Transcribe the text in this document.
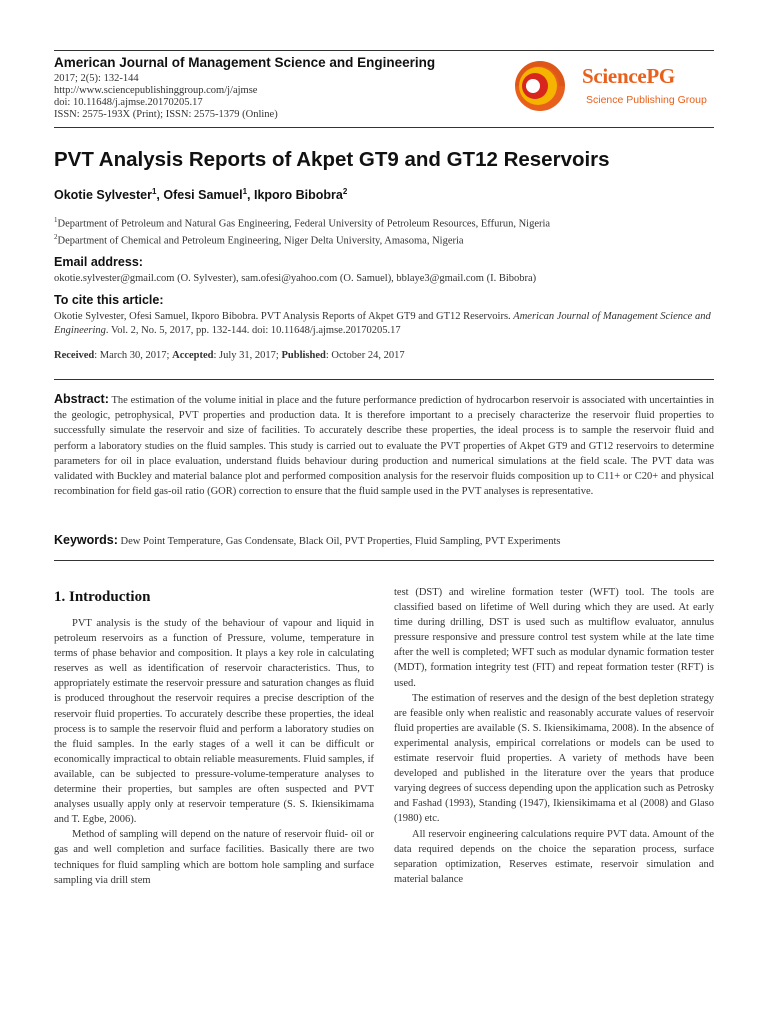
American Journal of Management Science and Engineering
2017; 2(5): 132-144
http://www.sciencepublishinggroup.com/j/ajmse
doi: 10.11648/j.ajmse.20170205.17
ISSN: 2575-193X (Print); ISSN: 2575-1379 (Online)
SciencePG
Science Publishing Group
PVT Analysis Reports of Akpet GT9 and GT12 Reservoirs
Okotie Sylvester$^1$, Ofesi Samuel$^1$, Ikporo Bibobra$^2$
$^1$Department of Petroleum and Natural Gas Engineering, Federal University of Petroleum Resources, Effurun, Nigeria
$^2$Department of Chemical and Petroleum Engineering, Niger Delta University, Amasoma, Nigeria
Email address:
okotie.sylvester@gmail.com (O. Sylvester), sam.ofesi@yahoo.com (O. Samuel), bblaye3@gmail.com (I. Bibobra)
To cite this article:
Okotie Sylvester, Ofesi Samuel, Ikporo Bibobra. PVT Analysis Reports of Akpet GT9 and GT12 Reservoirs. American Journal of Management Science and Engineering. Vol. 2, No. 5, 2017, pp. 132-144. doi: 10.11648/j.ajmse.20170205.17
Received: March 30, 2017; Accepted: July 31, 2017; Published: October 24, 2017
Abstract: The estimation of the volume initial in place and the future performance prediction of hydrocarbon reservoir is associated with uncertainties in the geologic, petrophysical, PVT properties and production data. It is therefore important to a precisely characterize the reservoir fluid properties to successfully simulate the reservoir and size of facilities. To accurately describe these properties, the ideal process is to sample the reservoir fluid and perform a laboratory studies on the fluid samples. This study is carried out to evaluate the PVT properties of Akpet GT9 and GT12 reservoirs to determine parameters for oil in place evaluation, understand fluids behaviour during production and numerical simulations at the field scale. The PVT data was validated with Buckley and material balance plot and performed composition analysis for the reservoir fluids composition up to C11+ or C20+ and physical recombination for field gas-oil ratio (GOR) correction to ensure that the fluid sample used in the PVT analyses is representative.
Keywords: Dew Point Temperature, Gas Condensate, Black Oil, PVT Properties, Fluid Sampling, PVT Experiments
1. Introduction

PVT analysis is the study of the behaviour of vapour and liquid in petroleum reservoirs as a function of Pressure, volume, temperature in terms of phase behavior and composition. It plays a key role in calculating reserves as well as identification of reservoir characteristics. Thus, to appropriately estimate the reservoir pressure and saturation changes as fluid is produced throughout the reservoir requires a precise description of the reservoir fluid properties. To accurately describe these properties, the ideal process is to sample the reservoir fluid and perform a laboratory studies on the fluid samples. In the early stages of a well it can be difficult or economically impractical to obtain reliable measurements. Fluid samples, if available, can be subjected to pressure-volume-temperature analyses to determine their properties, but samples are often suspected and PVT analyses usually apply only at reservoir temperature (S. S. Ikiensikimama and T. Egbe, 2006).

Method of sampling will depend on the nature of reservoir fluid- oil or gas and well completion and surface facilities. Basically there are two techniques for fluid sampling which are bottom hole sampling and surface sampling via drill stem

test (DST) and wireline formation tester (WFT) tool. The tools are classified based on lifetime of Well during which they are used. At early time during drilling, DST is used such as multiflow evaluator, annulus pressure responsive and pressure control test system while at the late time after the well is completed; WFT such as modular dynamic formation tester (MDT), formation integrity test (FIT) and repeat formation tester (RFT) is used.

The estimation of reserves and the design of the best depletion strategy are feasible only when realistic and reasonably accurate values of reservoir fluid properties are available (S. S. Ikiensikimama, 2008). In the absence of experimental analysis, empirical correlations or models can be used to estimate reservoir fluid properties. A variety of methods have been developed and published in the literature over the years that produce varying degrees of success depending upon the application such as Petrosky and Fashad (1993), Standing (1947), Ikiensikimama et al (2008) and Glaso (1980) etc.

All reservoir engineering calculations require PVT data. Amount of the data required depends on the choice the separation process, surface separation optimization, Reserves estimate, reservoir simulation and material balance
